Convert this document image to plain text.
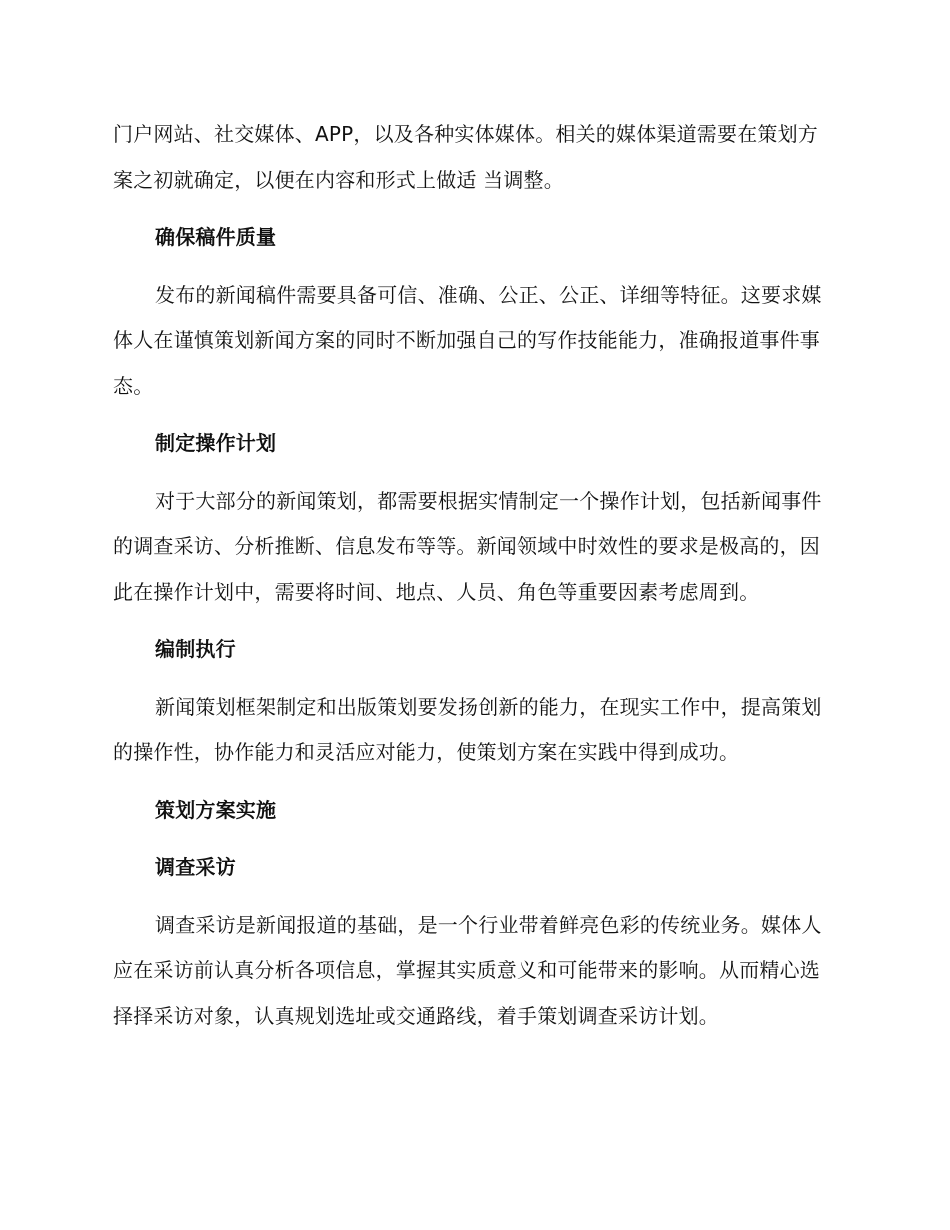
门户网站、社交媒体、APP，以及各种实体媒体。相关的媒体渠道需要在策划方案之初就确定，以便在内容和形式上做适 当调整。

确保稿件质量

发布的新闻稿件需要具备可信、准确、公正、公正、详细等特征。这要求媒体人在谨慎策划新闻方案的同时不断加强自己的写作技能能力，准确报道事件事态。

制定操作计划

对于大部分的新闻策划，都需要根据实情制定一个操作计划，包括新闻事件的调查采访、分析推断、信息发布等等。新闻领域中时效性的要求是极高的，因此在操作计划中，需要将时间、地点、人员、角色等重要因素考虑周到。

编制执行

新闻策划框架制定和出版策划要发扬创新的能力，在现实工作中，提高策划的操作性，协作能力和灵活应对能力，使策划方案在实践中得到成功。

策划方案实施

调查采访

调查采访是新闻报道的基础，是一个行业带着鲜亮色彩的传统业务。媒体人应在采访前认真分析各项信息，掌握其实质意义和可能带来的影响。从而精心选择择采访对象，认真规划选址或交通路线，着手策划调查采访计划。
